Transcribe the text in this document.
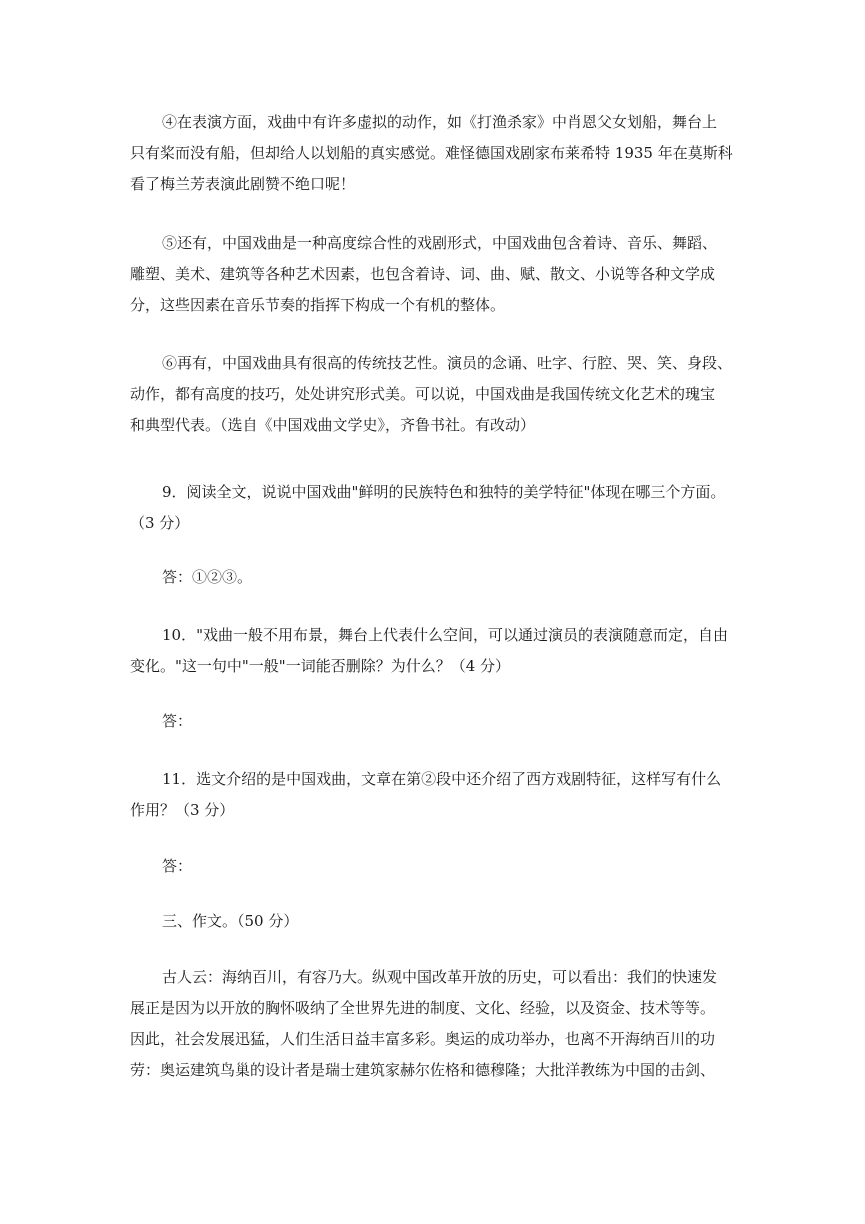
④在表演方面，戏曲中有许多虚拟的动作，如《打渔杀家》中肖恩父女划船，舞台上
只有桨而没有船，但却给人以划船的真实感觉。难怪德国戏剧家布莱希特 1935 年在莫斯科
看了梅兰芳表演此剧赞不绝口呢！
⑤还有，中国戏曲是一种高度综合性的戏剧形式，中国戏曲包含着诗、音乐、舞蹈、
雕塑、美术、建筑等各种艺术因素，也包含着诗、词、曲、赋、散文、小说等各种文学成
分，这些因素在音乐节奏的指挥下构成一个有机的整体。
⑥再有，中国戏曲具有很高的传统技艺性。演员的念诵、吐字、行腔、哭、笑、身段、
动作，都有高度的技巧，处处讲究形式美。可以说，中国戏曲是我国传统文化艺术的瑰宝
和典型代表。（选自《中国戏曲文学史》，齐鲁书社。有改动）
9．阅读全文，说说中国戏曲"鲜明的民族特色和独特的美学特征"体现在哪三个方面。
（3 分）
答：①②③。
10．"戏曲一般不用布景，舞台上代表什么空间，可以通过演员的表演随意而定，自由
变化。"这一句中"一般"一词能否删除？为什么？（4 分）
答：
11．选文介绍的是中国戏曲，文章在第②段中还介绍了西方戏剧特征，这样写有什么
作用？（3 分）
答：
三、作文。（50 分）
古人云：海纳百川，有容乃大。纵观中国改革开放的历史，可以看出：我们的快速发
展正是因为以开放的胸怀吸纳了全世界先进的制度、文化、经验，以及资金、技术等等。
因此，社会发展迅猛，人们生活日益丰富多彩。奥运的成功举办，也离不开海纳百川的功
劳：奥运建筑鸟巢的设计者是瑞士建筑家赫尔佐格和德穆隆；大批洋教练为中国的击剑、
